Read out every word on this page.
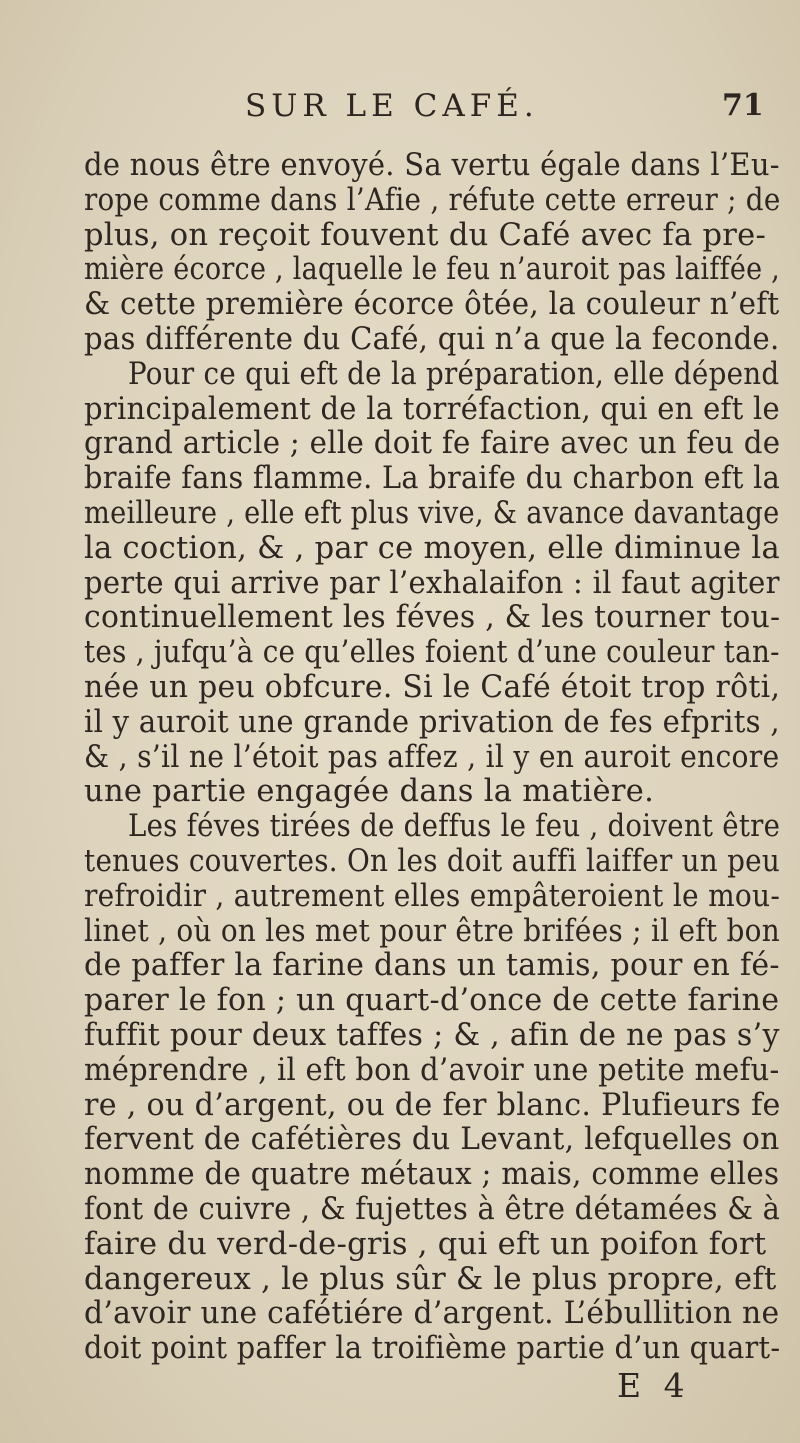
SUR LE CAFÉ.	71
de nous être envoyé. Sa vertu égale dans l’Eu-
rope comme dans l’Afie , réfute cette erreur ; de
plus, on reçoit fouvent du Café avec fa pre-
mière écorce , laquelle le feu n’auroit pas laiffée ,
& cette première écorce ôtée, la couleur n’eft
pas différente du Café, qui n’a que la feconde.
Pour ce qui eft de la préparation, elle dépend
principalement de la torréfaction, qui en eft le
grand article ; elle doit fe faire avec un feu de
braife fans flamme. La braife du charbon eft la
meilleure , elle eft plus vive, & avance davantage
la coction, & , par ce moyen, elle diminue la
perte qui arrive par l’exhalaifon : il faut agiter
continuellement les féves , & les tourner tou-
tes , jufqu’à ce qu’elles foient d’une couleur tan-
née un peu obfcure. Si le Café étoit trop rôti,
il y auroit une grande privation de fes efprits ,
& , s’il ne l’étoit pas affez , il y en auroit encore
une partie engagée dans la matière.
Les féves tirées de deffus le feu , doivent être
tenues couvertes. On les doit auffi laiffer un peu
refroidir , autrement elles empâteroient le mou-
linet , où on les met pour être brifées ; il eft bon
de paffer la farine dans un tamis, pour en fé-
parer le fon ; un quart-d’once de cette farine
fuffit pour deux taffes ; & , afin de ne pas s’y
méprendre , il eft bon d’avoir une petite mefu-
re , ou d’argent, ou de fer blanc. Plufieurs fe
fervent de cafétières du Levant, lefquelles on
nomme de quatre métaux ; mais, comme elles
font de cuivre , & fujettes à être détamées & à
faire du verd-de-gris , qui eft un poifon fort
dangereux , le plus sûr & le plus propre, eft
d’avoir une cafétiére d’argent. L’ébullition ne
doit point paffer la troifième partie d’un quart-
E 4
